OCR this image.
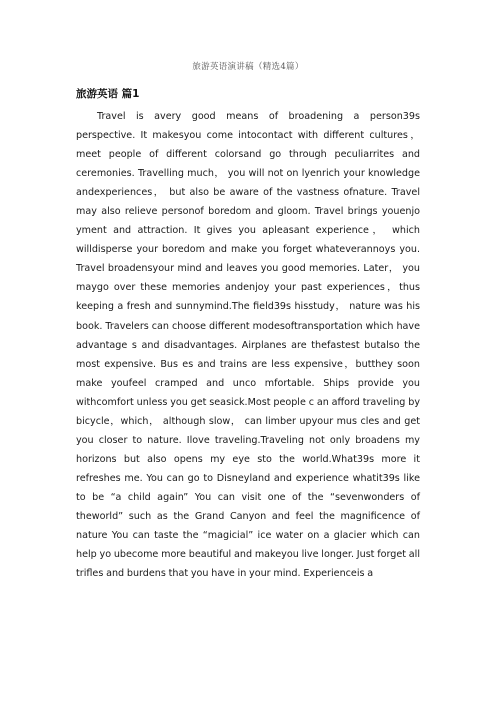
旅游英语演讲稿（精选4篇）
旅游英语 篇1

Travel is avery good means of broadening a person39s perspective. It makesyou come intocontact with different cultures，meet people of different colorsand go through peculiarrites and ceremonies. Travelling much， you will not on lyenrich your knowledge andexperiences， but also be aware of the vastness ofnature. Travel may also relieve personof boredom and gloom. Travel brings youenjo yment and attraction. It gives you apleasant experience， which willdisperse your boredom and make you forget whateverannoys you. Travel broadensyour mind and leaves you good memories. Later， you maygo over these memories andenjoy your past experiences，thus keeping a fresh and sunnymind.The field39s hisstudy， nature was his book. Travelers can choose different modesoftransportation which have advantage s and disadvantages. Airplanes are thefastest butalso the most expensive. Bus es and trains are less expensive，butthey soon make youfeel cramped and unco mfortable. Ships provide you withcomfort unless you get seasick.Most people c an afford traveling by bicycle，which， although slow， can limber upyour mus cles and get you closer to nature. Ilove traveling.Traveling not only broadens my horizons but also opens my eye sto the world.What39s more it refreshes me. You can go to Disneyland and experience whatit39s like to be “a child again” You can visit one of the “sevenwonders of theworld” such as the Grand Canyon and feel the magnificence of nature You can taste the “magicial” ice water on a glacier which can help yo ubecome more beautiful and makeyou live longer. Just forget all trifles and burdens that you have in your mind. Experienceis a
